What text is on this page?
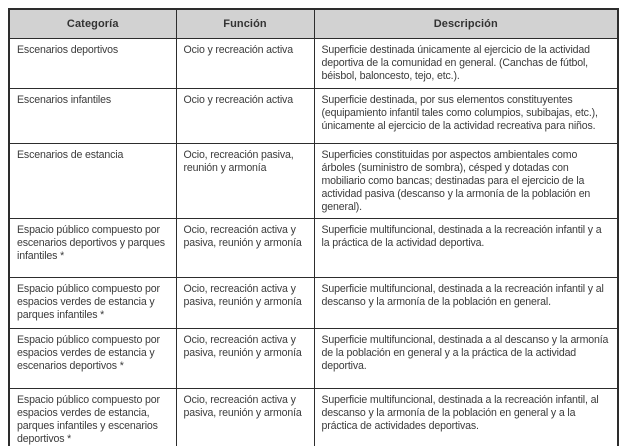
Categoría	Función	Descripción
Escenarios deportivos	Ocio y recreación activa	Superficie destinada únicamente al ejercicio de la actividad deportiva de la comunidad en general. (Canchas de fútbol, béisbol, baloncesto, tejo, etc.).
Escenarios infantiles	Ocio y recreación activa	Superficie destinada, por sus elementos constituyentes (equipamiento infantil tales como columpios, subibajas, etc.), únicamente al ejercicio de la actividad recreativa para niños.
Escenarios de estancia	Ocio, recreación pasiva, reunión y armonía	Superficies constituidas por aspectos ambientales como árboles (suministro de sombra), césped y dotadas con mobiliario como bancas; destinadas para el ejercicio de la actividad pasiva (descanso y la armonía de la población en general).
Espacio público compuesto por escenarios deportivos y parques infantiles *	Ocio, recreación activa y pasiva, reunión y armonía	Superficie multifuncional, destinada a la recreación infantil y a la práctica de la actividad deportiva.
Espacio público compuesto por espacios verdes de estancia y parques infantiles *	Ocio, recreación activa y pasiva, reunión y armonía	Superficie multifuncional, destinada a la recreación infantil y al descanso y la armonía de la población en general.
Espacio público compuesto por espacios verdes de estancia y escenarios deportivos *	Ocio, recreación activa y pasiva, reunión y armonía	Superficie multifuncional, destinada a al descanso y la armonía de la población en general y a la práctica de la actividad deportiva.
Espacio público compuesto por espacios verdes de estancia, parques infantiles y escenarios deportivos *	Ocio, recreación activa y pasiva, reunión y armonía	Superficie multifuncional, destinada a la recreación infantil, al descanso y la armonía de la población en general y a la práctica de actividades deportivas.
